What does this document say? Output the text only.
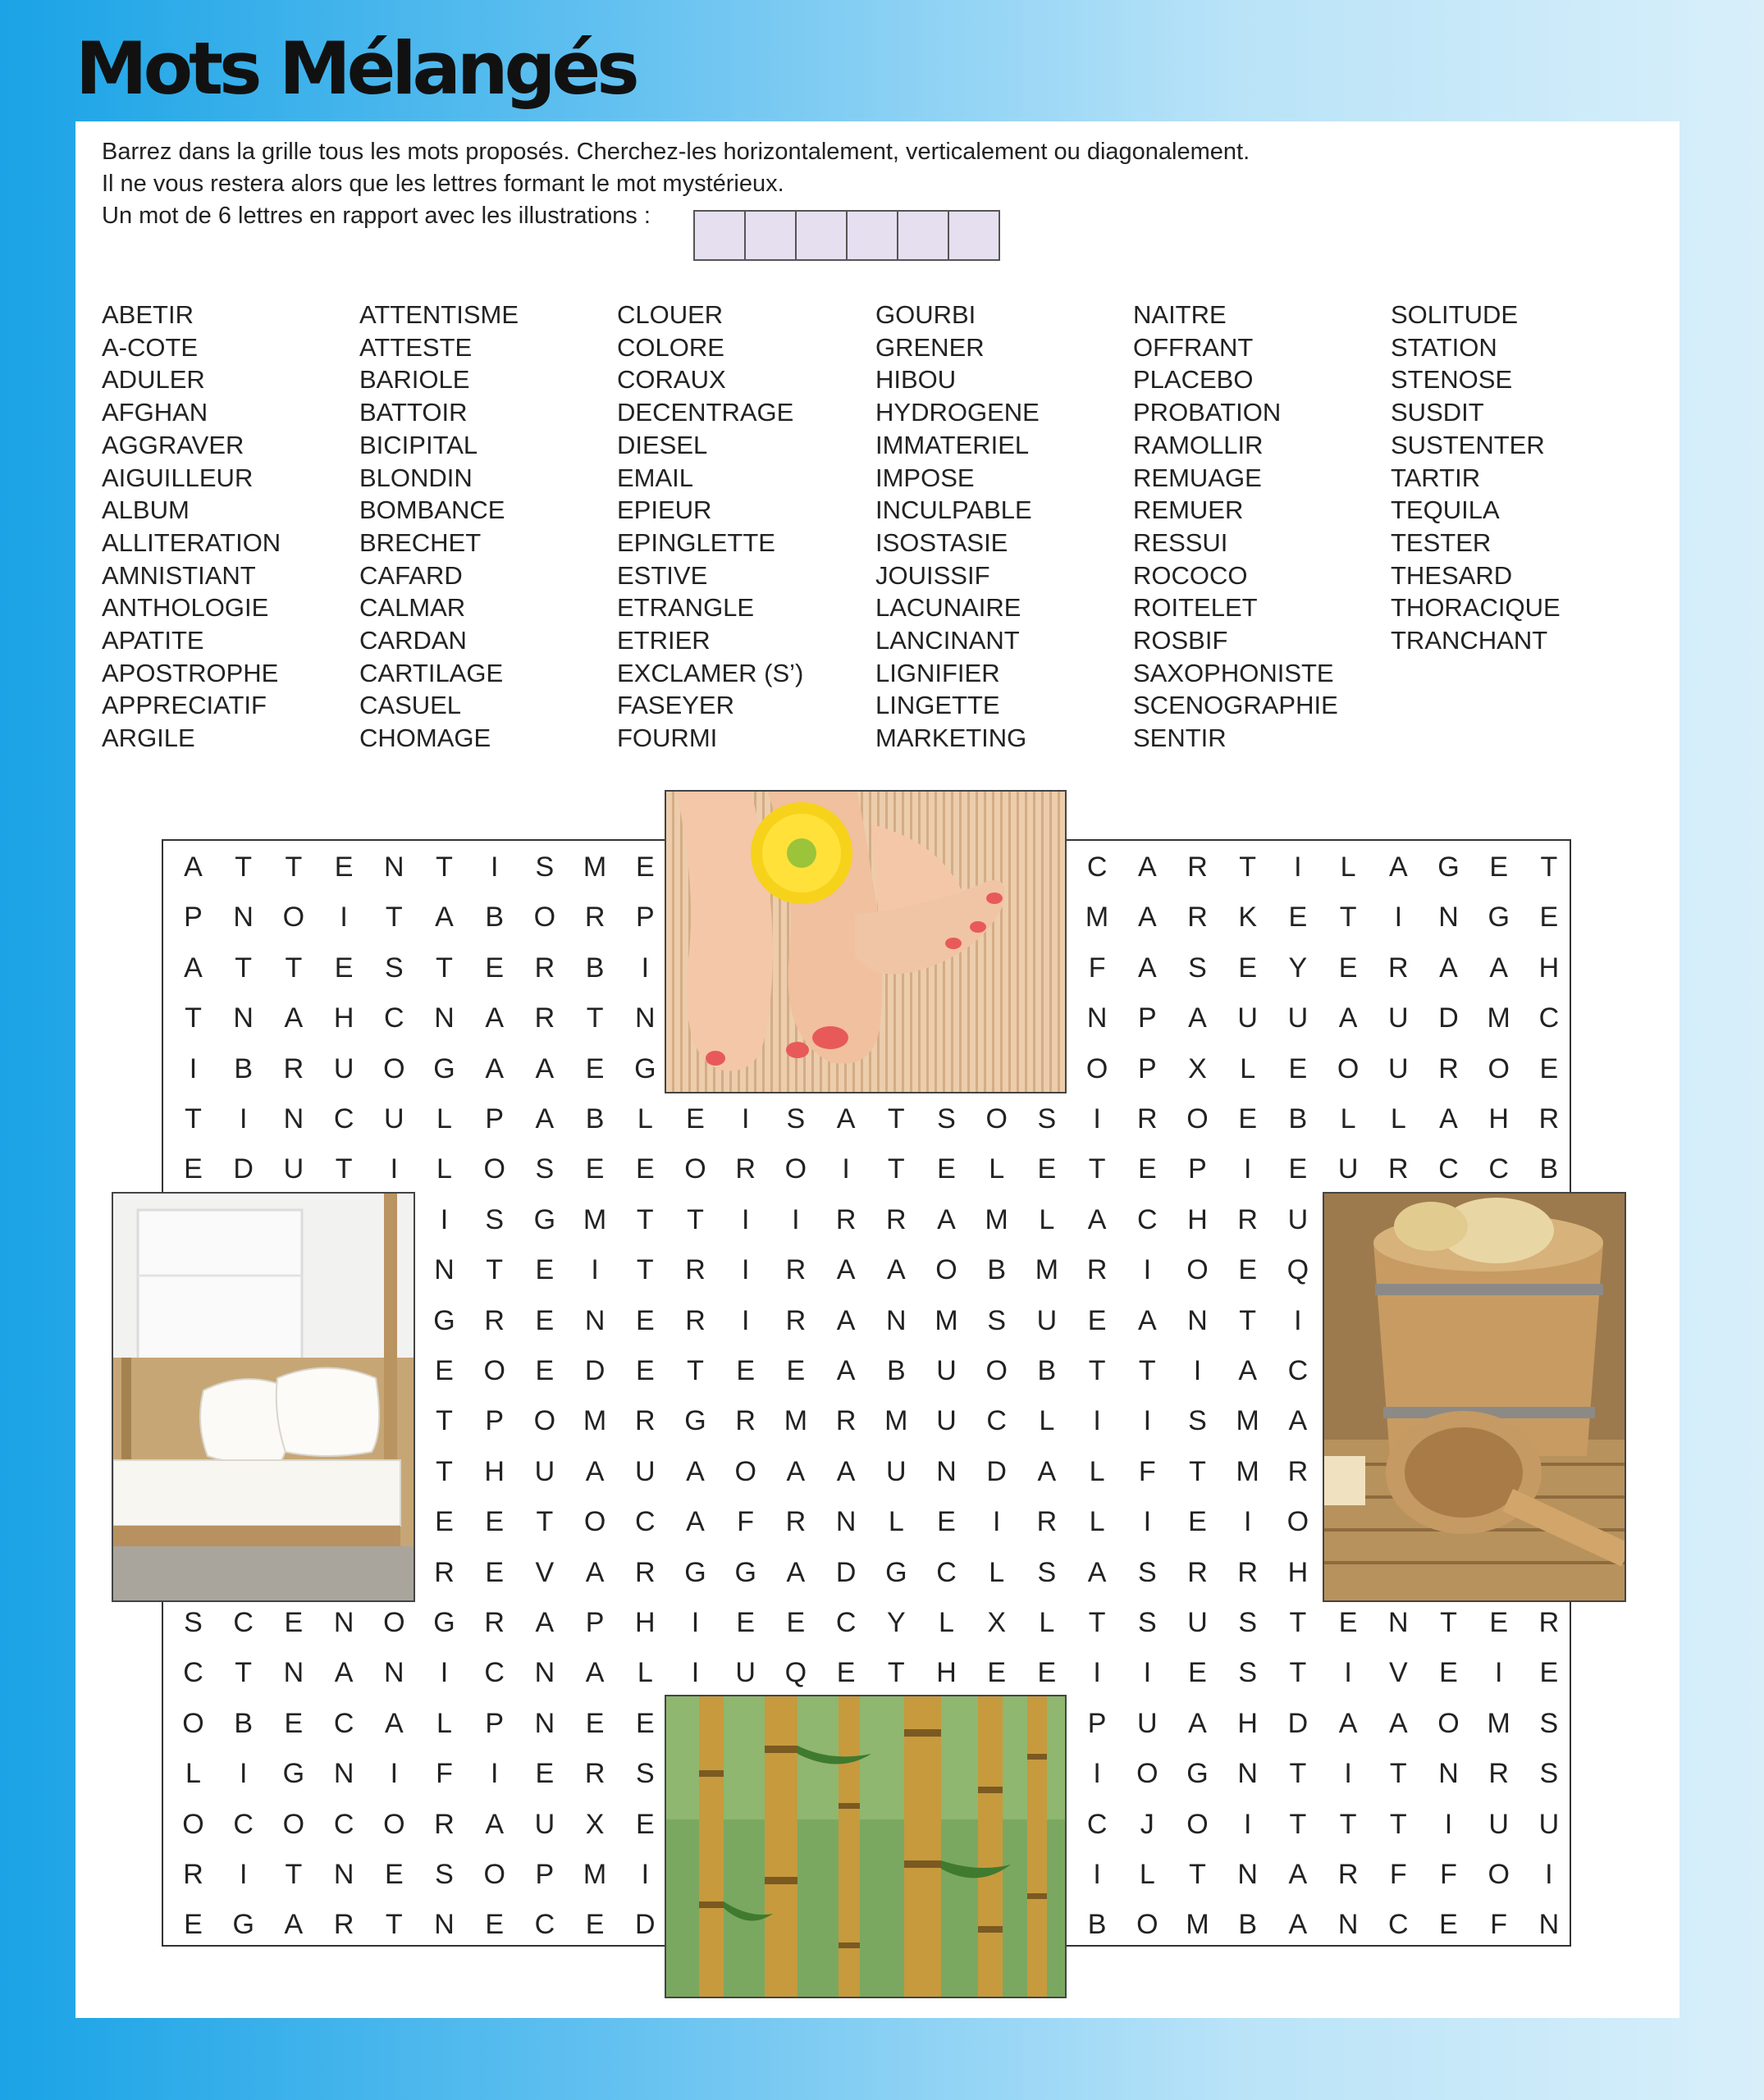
Mots Mélangés

Barrez dans la grille tous les mots proposés. Cherchez-les horizontalement, verticalement ou diagonalement.

Il ne vous restera alors que les lettres formant le mot mystérieux.

Un mot de 6 lettres en rapport avec les illustrations :

ABETIR
A-COTE
ADULER
AFGHAN
AGGRAVER
AIGUILLEUR
ALBUM
ALLITERATION
AMNISTIANT
ANTHOLOGIE
APATITE
APOSTROPHE
APPRECIATIF
ARGILE
ATTENTISME
ATTESTE
BARIOLE
BATTOIR
BICIPITAL
BLONDIN
BOMBANCE
BRECHET
CAFARD
CALMAR
CARDAN
CARTILAGE
CASUEL
CHOMAGE
CLOUER
COLORE
CORAUX
DECENTRAGE
DIESEL
EMAIL
EPIEUR
EPINGLETTE
ESTIVE
ETRANGLE
ETRIER
EXCLAMER (S’)
FASEYER
FOURMI
GOURBI
GRENER
HIBOU
HYDROGENE
IMMATERIEL
IMPOSE
INCULPABLE
ISOSTASIE
JOUISSIF
LACUNAIRE
LANCINANT
LIGNIFIER
LINGETTE
MARKETING
NAITRE
OFFRANT
PLACEBO
PROBATION
RAMOLLIR
REMUAGE
REMUER
RESSUI
ROCOCO
ROITELET
ROSBIF
SAXOPHONISTE
SCENOGRAPHIE
SENTIR
SOLITUDE
STATION
STENOSE
SUSDIT
SUSTENTER
TARTIR
TEQUILA
TESTER
THESARD
THORACIQUE
TRANCHANT
A	T	T	E	N	T	I	S	M	E	C	A	R	T	I	L	A	G	E	T
P	N	O	I	T	A	B	O	R	P	M	A	R	K	E	T	I	N	G	E
A	T	T	E	S	T	E	R	B	I	F	A	S	E	Y	E	R	A	A	H
T	N	A	H	C	N	A	R	T	N	N	P	A	U	U	A	U	D	M	C
I	B	R	U	O	G	A	A	E	G	O	P	X	L	E	O	U	R	O	E
T	I	N	C	U	L	P	A	B	L	E	I	S	A	T	S	O	S	I	R	O	E	B	L	L	A	H	R
E	D	U	T	I	L	O	S	E	E	O	R	O	I	T	E	L	E	T	E	P	I	E	U	R	C	C	B
I	S	G M	T	T	I	I	R	R	A	M	L	A	C	H	R	U
N	T	E	I	T	R	I	R	A	A	O	B	M	R	I	O	E	Q
G	R	E	N	E	R	I	R	A	N	M	S	U	E	A	N	T	I
E	O	E	D	E	T	E	E	A	B	U	O	B	T	T	I	A	C
T	P	O M	R	G	R	M	R	M	U	C	L	I	I	S	M	A
T	H	U	A	U	A	O	A	A	U	N	D	A	L	F	T	M	R
E	E	T	O	C	A	F	R	N	L	E	I	R	L	I	E	I	O
R	E	V	A	R	G	G	A	D	G	C	L	S	A	S	R	R	H
S	C	E	N	O	G	R	A	P	H	I	E	E	C	Y	L	X	L	T	S	U	S	T	E	N	T	E	R
C	T	N	A	N	I	C	N	A	L	I	U	Q	E	T	H	E	E	I	I	E	S	T	I	V	E	I	E
O	B	E	C	A	L	P	N	E	E	P	U	A	H	D	A	A	O M	S
L	I	G	N	I	F	I	E	R	S	I	O	G	N	T	I	T	N	R	S
O	C	O	C	O	R	A	U	X	E	C	J	O	I	T	T	T	I	U	U
R	I	T	N	E	S	O	P	M	I	I	L	T	N	A	R	F	F	O	I
E	G	A	R	T	N	E	C	E	D	B	O M	B	A	N	C	E	F	N
